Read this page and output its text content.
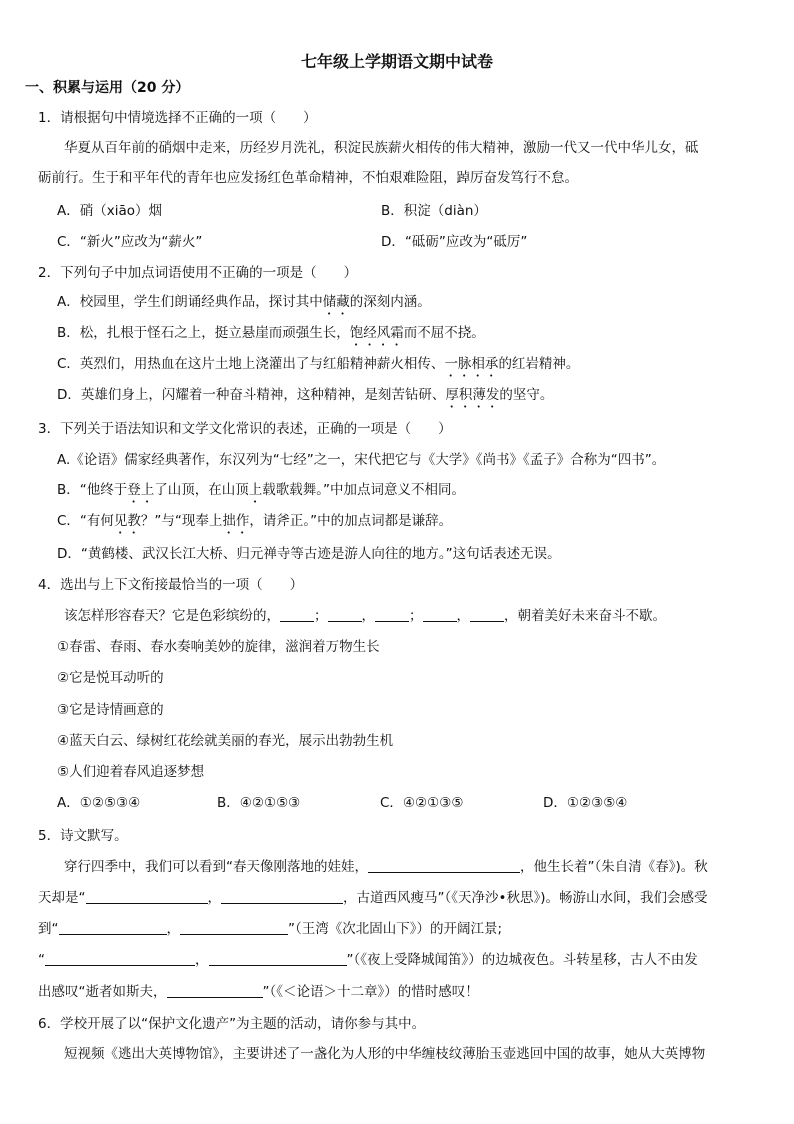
七年级上学期语文期中试卷
一、积累与运用（20 分）
1．请根据句中情境选择不正确的一项（　　）
华夏从百年前的硝烟中走来，历经岁月洗礼，积淀民族薪火相传的伟大精神，激励一代又一代中华儿女，砥
砺前行。生于和平年代的青年也应发扬红色革命精神，不怕艰难险阻，踔厉奋发笃行不怠。
A．硝（xiāo）烟	B．积淀（diàn）
C．“新火”应改为“薪火”	D．“砥砺”应改为“砥厉”
2．下列句子中加点词语使用不正确的一项是（　　）
A．校园里，学生们朗诵经典作品，探讨其中储藏的深刻内涵。
B．松，扎根于怪石之上，挺立悬崖而顽强生长，饱经风霜而不屈不挠。
C．英烈们，用热血在这片土地上浇灌出了与红船精神薪火相传、一脉相承的红岩精神。
D．英雄们身上，闪耀着一种奋斗精神，这种精神，是刻苦钻研、厚积薄发的坚守。
3．下列关于语法知识和文学文化常识的表述，正确的一项是（　　）
A.《论语》儒家经典著作，东汉列为“七经”之一，宋代把它与《大学》《尚书》《孟子》合称为“四书”。
B．“他终于登上了山顶，在山顶上载歌载舞。”中加点词意义不相同。
C．“有何见教？”与“现奉上拙作，请斧正。”中的加点词都是谦辞。
D．“黄鹤楼、武汉长江大桥、归元禅寺等古迹是游人向往的地方。”这句话表述无误。
4．选出与上下文衔接最恰当的一项（　　）
该怎样形容春天？它是色彩缤纷的，	；	，	；	，	，朝着美好未来奋斗不歇。
①春雷、春雨、春水奏响美妙的旋律，滋润着万物生长
②它是悦耳动听的
③它是诗情画意的
④蓝天白云、绿树红花绘就美丽的春光，展示出勃勃生机
⑤人们迎着春风追逐梦想
A．①②⑤③④	B．④②①⑤③	C．④②①③⑤	D．①②③⑤④
5．诗文默写。
穿行四季中，我们可以看到“春天像刚落地的娃娃，	，他生长着”（朱自清《春》)。秋
天却是“	，	，古道西风瘦马”（《天净沙•秋思》)。畅游山水间，我们会感受
到“	，	”（王湾《次北固山下》）的开阔江景;
“	，	”（《夜上受降城闻笛》）的边城夜色。斗转星移，古人不由发
出感叹“逝者如斯夫，	”（《＜论语＞十二章》）的惜时感叹！
6．学校开展了以“保护文化遗产”为主题的活动，请你参与其中。
短视频《逃出大英博物馆》，主要讲述了一盏化为人形的中华缠枝纹薄胎玉壶逃回中国的故事，她从大英博物
